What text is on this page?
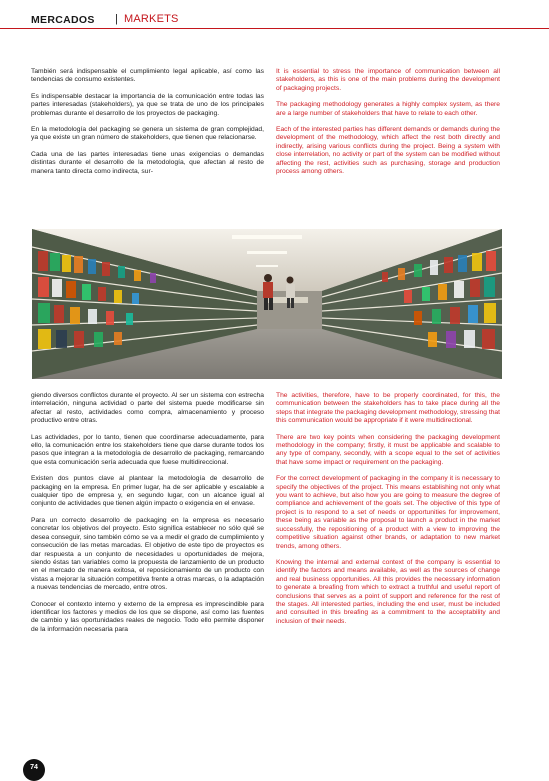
MERCADOS | MARKETS

También será indispensable el cumplimiento legal aplicable, así como las tendencias de consumo existentes.

Es indispensable destacar la importancia de la comunicación entre todas las partes interesadas (stakeholders), ya que se trata de uno de los principales problemas durante el desarrollo de los proyectos de packaging.

En la metodología del packaging se genera un sistema de gran complejidad, ya que existe un gran número de stakeholders, que tienen que relacionarse.

Cada una de las partes interesadas tiene unas exigencias o demandas distintas durante el desarrollo de la metodología, que afectan al resto de manera tanto directa como indirecta, sur-

It is essential to stress the importance of communication between all stakeholders, as this is one of the main problems during the development of packaging projects.

The packaging methodology generates a highly complex system, as there are a large number of stakeholders that have to relate to each other.

Each of the interested parties has different demands or demands during the development of the methodology, which affect the rest both directly and indirectly, arising various conflicts during the project. Being a system with close interrelation, no activity or part of the system can be modified without affecting the rest, activities such as purchasing, storage and production process among others.

giendo diversos conflictos durante el proyecto. Al ser un sistema con estrecha interrelación, ninguna actividad o parte del sistema puede modificarse sin afectar al resto, actividades como compra, almacenamiento y proceso productivo entre otras.

Las actividades, por lo tanto, tienen que coordinarse adecuadamente, para ello, la comunicación entre los stakeholders tiene que darse durante todos los pasos que integran a la metodología de desarrollo de packaging, remarcando que esta comunicación sería adecuada que fuese multidireccional.

Existen dos puntos clave al plantear la metodología de desarrollo de packaging en la empresa. En primer lugar, ha de ser aplicable y escalable a cualquier tipo de empresa y, en segundo lugar, con un alcance igual al conjunto de actividades que tienen algún impacto o exigencia en el envase.

Para un correcto desarrollo de packaging en la empresa es necesario concretar los objetivos del proyecto. Esto significa establecer no sólo qué se desea conseguir, sino también cómo se va a medir el grado de cumplimiento y consecución de las metas marcadas. El objetivo de este tipo de proyectos es dar respuesta a un conjunto de necesidades u oportunidades de mejora, siendo éstas tan variables como la propuesta de lanzamiento de un producto en el mercado de manera exitosa, el reposicionamiento de un producto con vistas a mejorar la situación competitiva frente a otras marcas, o la adaptación a nuevas tendencias de mercado, entre otros.

Conocer el contexto interno y externo de la empresa es imprescindible para identificar los factores y medios de los que se dispone, así como las fuentes de cambio y las oportunidades reales de negocio. Todo ello permite disponer de la información necesaria para

The activities, therefore, have to be properly coordinated, for this, the communication between the stakeholders has to take place during all the steps that integrate the packaging development methodology, stressing that this communication would be appropriate if it were multidirectional.

There are two key points when considering the packaging development methodology in the company; firstly, it must be applicable and scalable to any type of company, secondly, with a scope equal to the set of activities that have some impact or requirement on the packaging.

For the correct development of packaging in the company it is necessary to specify the objectives of the project. This means establishing not only what you want to achieve, but also how you are going to measure the degree of compliance and achievement of the goals set. The objective of this type of project is to respond to a set of needs or opportunities for improvement, these being as variable as the proposal to launch a product in the market successfully, the repositioning of a product with a view to improving the competitive situation against other brands, or adaptation to new market trends, among others.

Knowing the internal and external context of the company is essential to identify the factors and means available, as well as the sources of change and real business opportunities. All this provides the necessary information to generate a breafing from which to extract a truthful and useful report of conclusions that serves as a point of support and reference for the rest of the stages. All interested parties, including the end user, must be included and consulted in this breafing as a commitment to the acceptability and inclusion of their needs.

74
